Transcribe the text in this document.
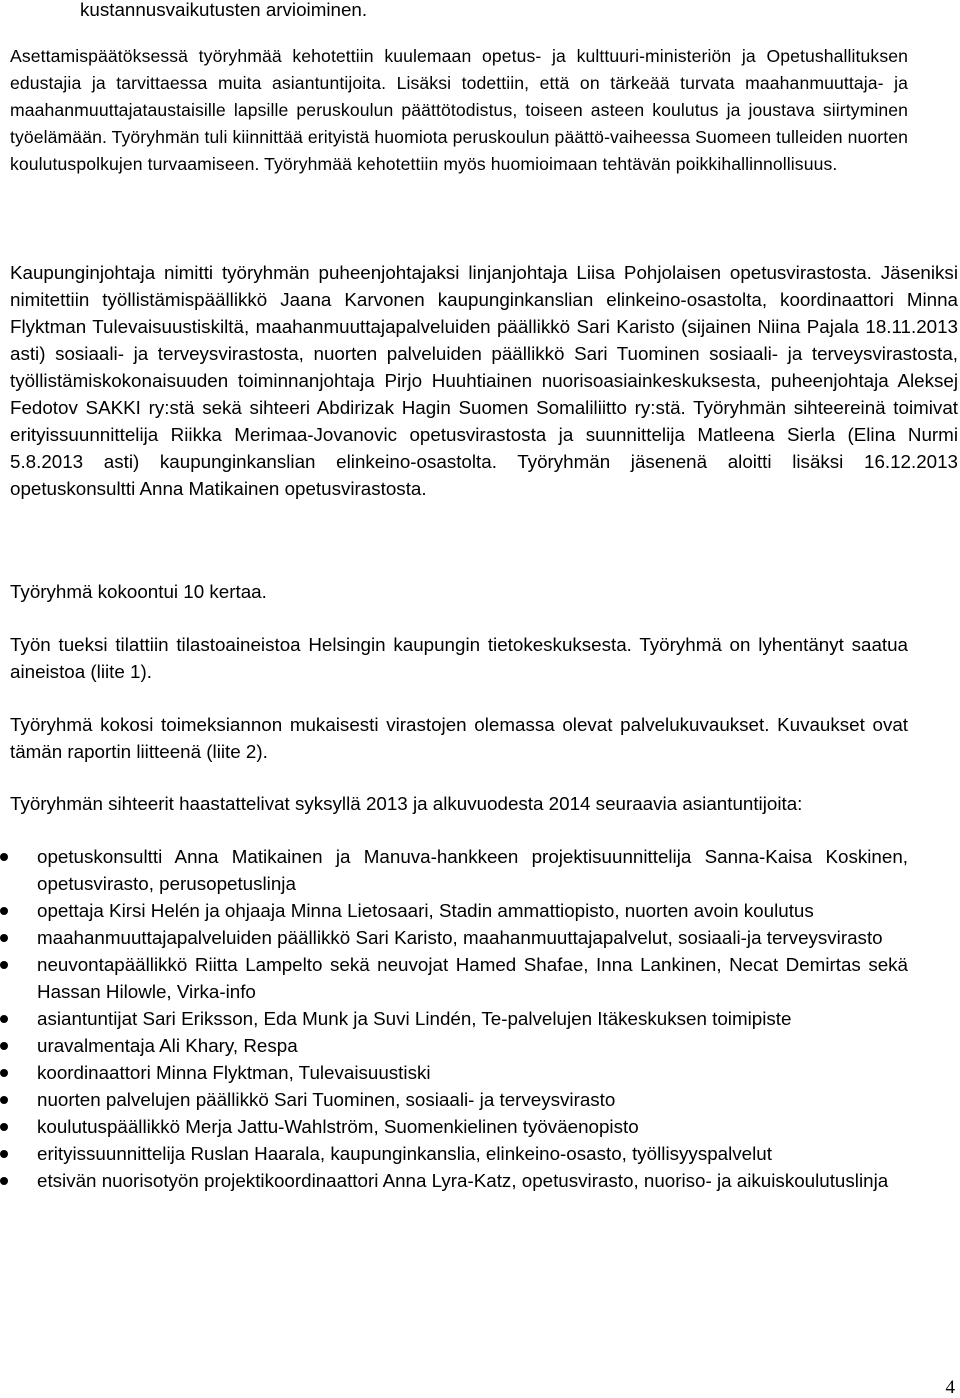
kustannusvaikutusten arvioiminen.

Asettamispäätöksessä työryhmää kehotettiin kuulemaan opetus- ja kulttuuri-ministeriön ja Opetushallituksen edustajia ja tarvittaessa muita asiantuntijoita. Lisäksi todettiin, että on tärkeää turvata maahanmuuttaja- ja maahanmuuttajataustaisille lapsille peruskoulun päättötodistus, toiseen asteen koulutus ja joustava siirtyminen työelämään. Työryhmän tuli kiinnittää erityistä huomiota peruskoulun päättö-vaiheessa Suomeen tulleiden nuorten koulutuspolkujen turvaamiseen. Työryhmää kehotettiin myös huomioimaan tehtävän poikkihallinnollisuus.

Kaupunginjohtaja nimitti työryhmän puheenjohtajaksi linjanjohtaja Liisa Pohjolaisen opetusvirastosta. Jäseniksi nimitettiin työllistämispäällikkö Jaana Karvonen kaupunginkanslian elinkeino-osastolta, koordinaattori Minna Flyktman Tulevaisuustiskiltä, maahanmuuttajapalveluiden päällikkö Sari Karisto (sijainen Niina Pajala 18.11.2013 asti) sosiaali- ja terveysvirastosta, nuorten palveluiden päällikkö Sari Tuominen sosiaali- ja terveysvirastosta, työllistämiskokonaisuuden toiminnanjohtaja Pirjo Huuhtiainen nuorisoasiainkeskuksesta, puheenjohtaja Aleksej Fedotov SAKKI ry:stä sekä sihteeri Abdirizak Hagin Suomen Somaliliitto ry:stä. Työryhmän sihteereinä toimivat erityissuunnittelija Riikka Merimaa-Jovanovic opetusvirastosta ja suunnittelija Matleena Sierla (Elina Nurmi 5.8.2013 asti) kaupunginkanslian elinkeino-osastolta. Työryhmän jäsenenä aloitti lisäksi 16.12.2013 opetuskonsultti Anna Matikainen opetusvirastosta.

Työryhmä kokoontui 10 kertaa.

Työn tueksi tilattiin tilastoaineistoa Helsingin kaupungin tietokeskuksesta. Työryhmä on lyhentänyt saatua aineistoa (liite 1).

Työryhmä kokosi toimeksiannon mukaisesti virastojen olemassa olevat palvelukuvaukset. Kuvaukset ovat tämän raportin liitteenä (liite 2).

Työryhmän sihteerit haastattelivat syksyllä 2013 ja alkuvuodesta 2014 seuraavia asiantuntijoita:

opetuskonsultti Anna Matikainen ja Manuva-hankkeen projektisuunnittelija Sanna-Kaisa Koskinen, opetusvirasto, perusopetuslinja
opettaja Kirsi Helén ja ohjaaja Minna Lietosaari, Stadin ammattiopisto, nuorten avoin koulutus
maahanmuuttajapalveluiden päällikkö Sari Karisto, maahanmuuttajapalvelut, sosiaali-ja terveysvirasto
neuvontapäällikkö Riitta Lampelto sekä neuvojat Hamed Shafae, Inna Lankinen, Necat Demirtas sekä Hassan Hilowle, Virka-info
asiantuntijat Sari Eriksson, Eda Munk ja Suvi Lindén, Te-palvelujen Itäkeskuksen toimipiste
uravalmentaja Ali Khary, Respa
koordinaattori Minna Flyktman, Tulevaisuustiski
nuorten palvelujen päällikkö Sari Tuominen, sosiaali- ja terveysvirasto
koulutuspäällikkö Merja Jattu-Wahlström, Suomenkielinen työväenopisto
erityissuunnittelija Ruslan Haarala, kaupunginkanslia, elinkeino-osasto, työllisyyspalvelut
etsivän nuorisotyön projektikoordinaattori Anna Lyra-Katz, opetusvirasto, nuoriso- ja aikuiskoulutuslinja
4
